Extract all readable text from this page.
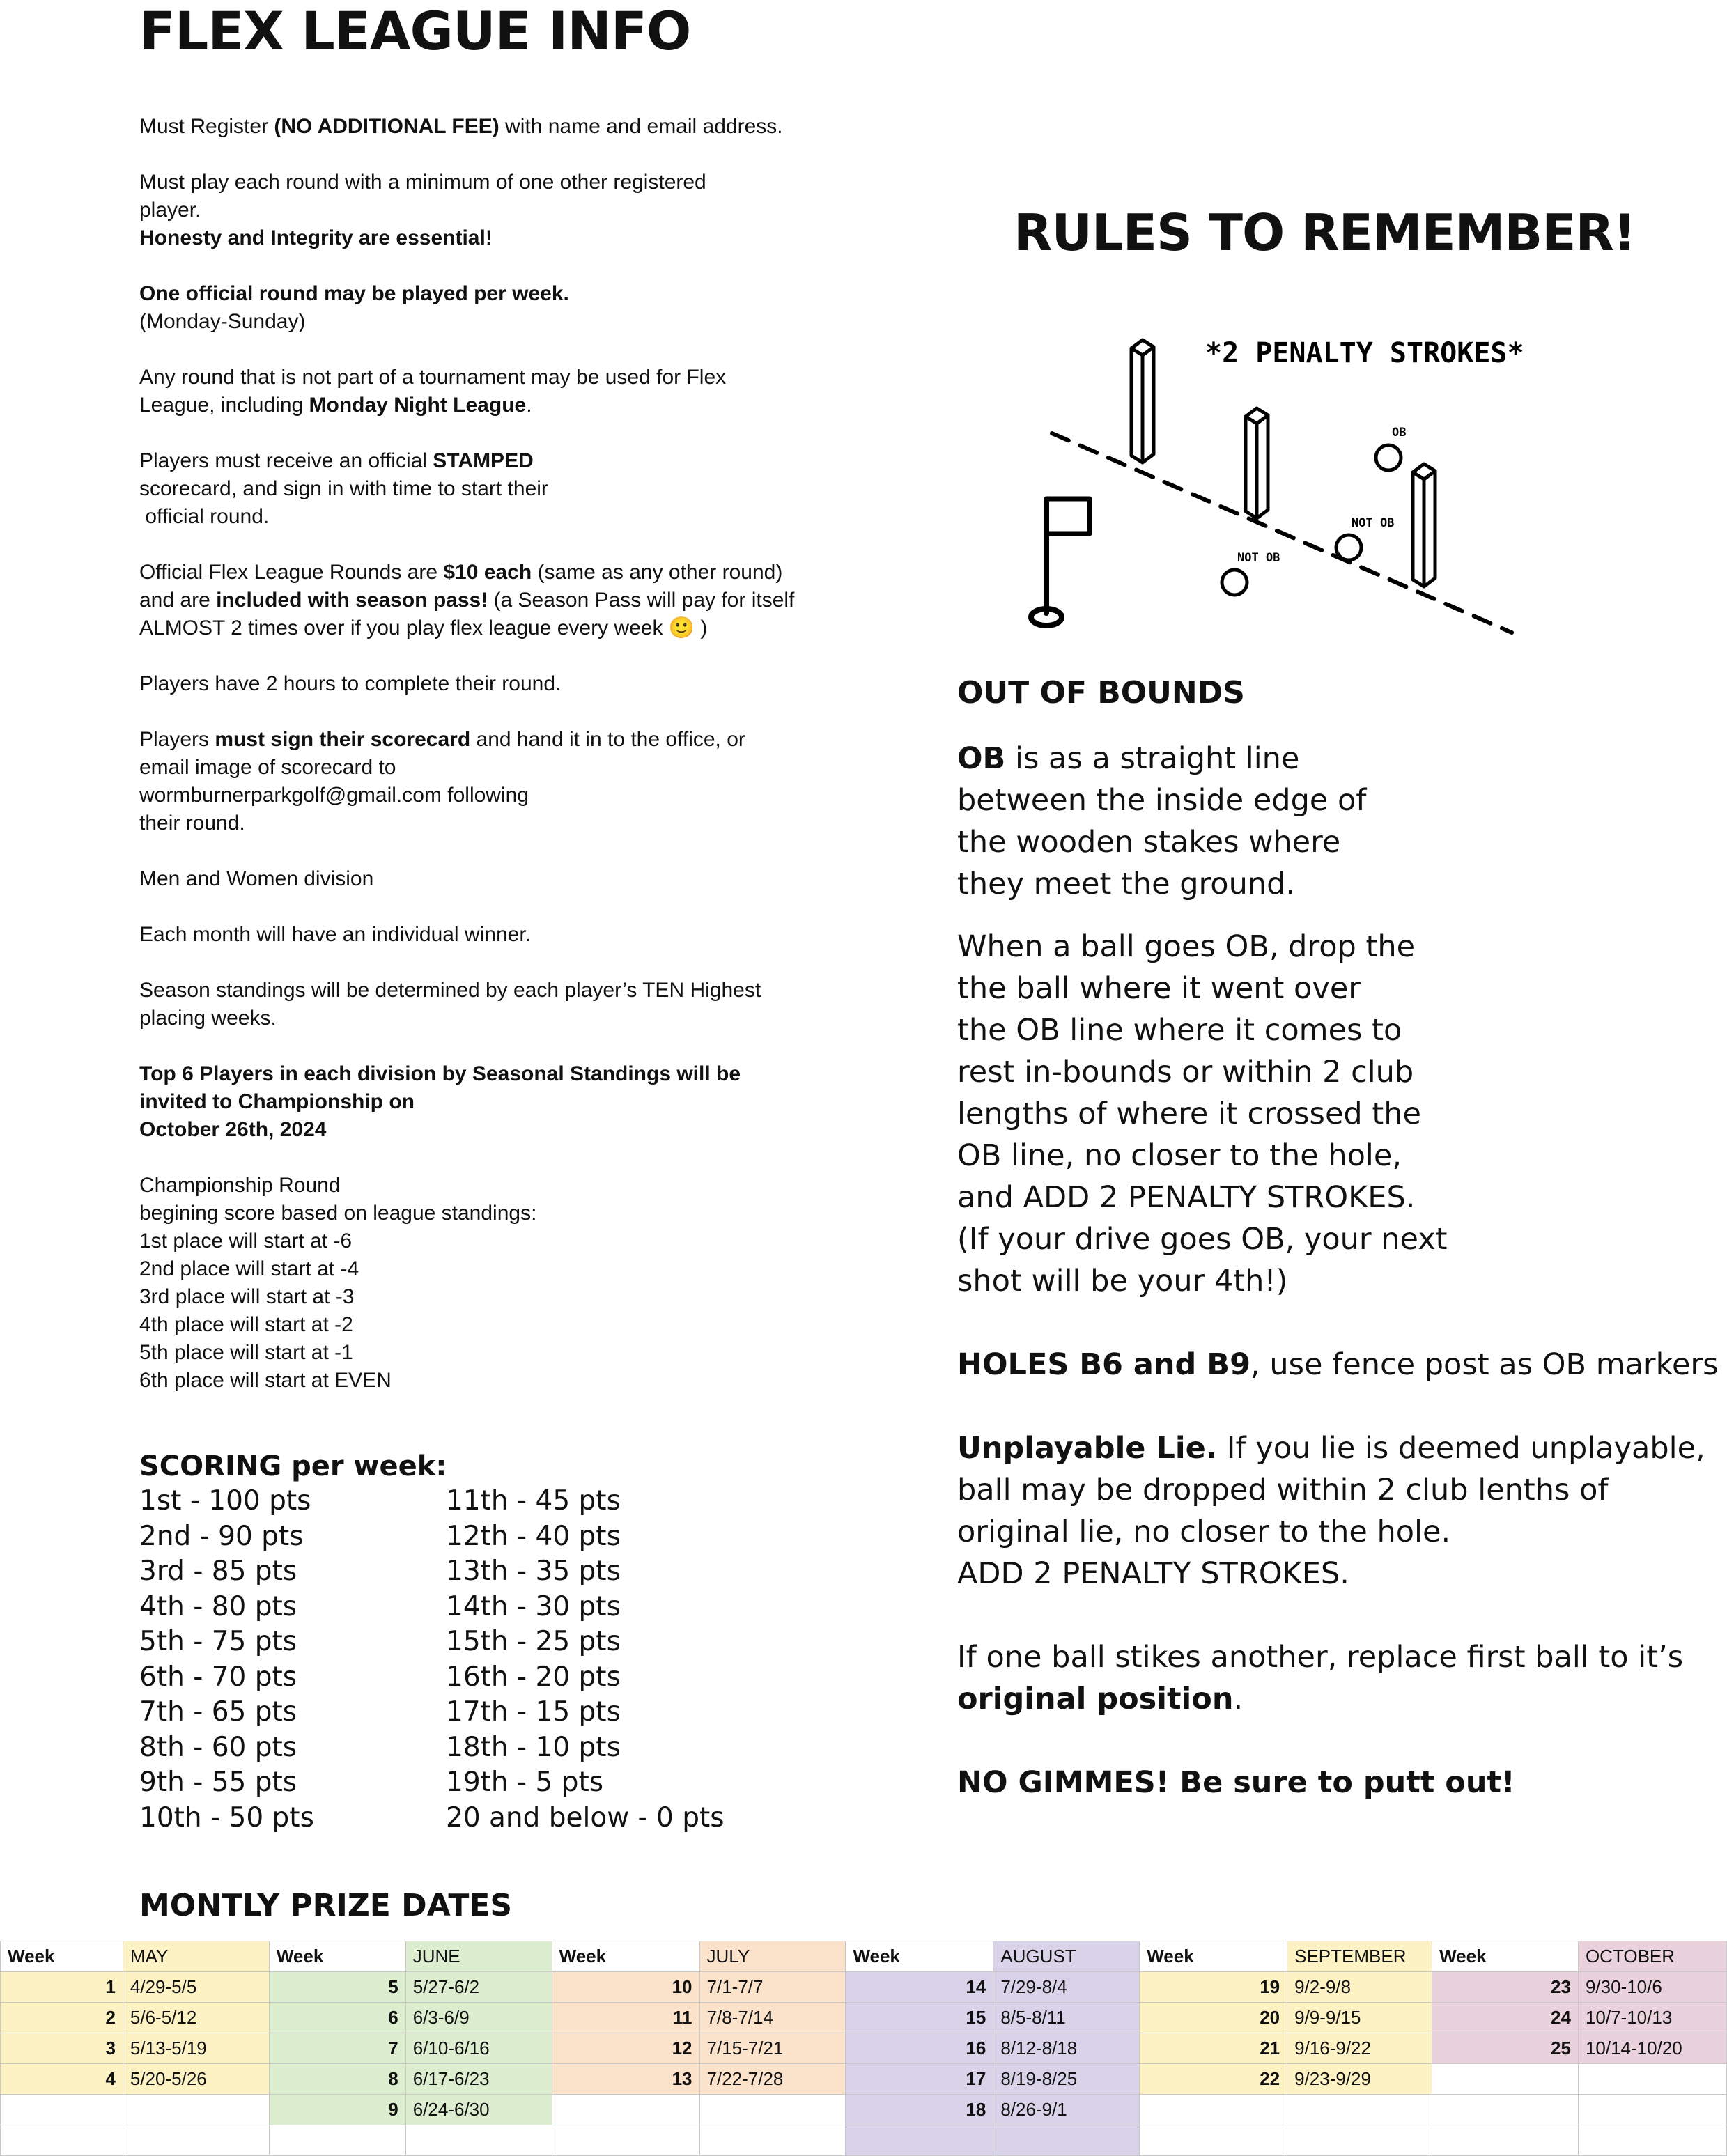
FLEX LEAGUE INFO

Must Register (NO ADDITIONAL FEE) with name and email address.

Must play each round with a minimum of one other registered
player.
Honesty and Integrity are essential!

One official round may be played per week.
(Monday-Sunday)

Any round that is not part of a tournament may be used for Flex
League, including Monday Night League.

Players must receive an official STAMPED
scorecard, and sign in with time to start their
official round.

Official Flex League Rounds are $10 each (same as any other round)
and are included with season pass! (a Season Pass will pay for itself
ALMOST 2 times over if you play flex league every week 🙂 )

Players have 2 hours to complete their round.

Players must sign their scorecard and hand it in to the office, or
email image of scorecard to
wormburnerparkgolf@gmail.com following
their round.

Men and Women division

Each month will have an individual winner.

Season standings will be determined by each player’s TEN Highest
placing weeks.

Top 6 Players in each division by Seasonal Standings will be
invited to Championship on
October 26th, 2024

Championship Round
begining score based on league standings:
1st place will start at -6
2nd place will start at -4
3rd place will start at -3
4th place will start at -2
5th place will start at -1
6th place will start at EVEN

SCORING per week:
1st - 100 pts	11th - 45 pts
2nd - 90 pts	12th - 40 pts
3rd - 85 pts	13th - 35 pts
4th - 80 pts	14th - 30 pts
5th - 75 pts	15th - 25 pts
6th - 70 pts	16th - 20 pts
7th - 65 pts	17th - 15 pts
8th - 60 pts	18th - 10 pts
9th - 55 pts	19th - 5 pts
10th - 50 pts	20 and below - 0 pts
RULES TO REMEMBER!
*2 PENALTY STROKES*
OB
NOT OB
NOT OB
OUT OF BOUNDS

OB is as a straight line
between the inside edge of
the wooden stakes where
they meet the ground.

When a ball goes OB, drop the
the ball where it went over
the OB line where it comes to
rest in-bounds or within 2 club
lengths of where it crossed the
OB line, no closer to the hole,
and ADD 2 PENALTY STROKES.
(If your drive goes OB, your next
shot will be your 4th!)

HOLES B6 and B9, use fence post as OB markers

Unplayable Lie. If you lie is deemed unplayable,
ball may be dropped within 2 club lenths of
original lie, no closer to the hole.
ADD 2 PENALTY STROKES.

If one ball stikes another, replace first ball to it’s
original position.

NO GIMMES! Be sure to putt out!

MONTLY PRIZE DATES
Week	MAY	Week	JUNE	Week	JULY	Week	AUGUST	Week	SEPTEMBER	Week	OCTOBER
1	4/29-5/5	5	5/27-6/2	10	7/1-7/7	14	7/29-8/4	19	9/2-9/8	23	9/30-10/6
2	5/6-5/12	6	6/3-6/9	11	7/8-7/14	15	8/5-8/11	20	9/9-9/15	24	10/7-10/13
3	5/13-5/19	7	6/10-6/16	12	7/15-7/21	16	8/12-8/18	21	9/16-9/22	25	10/14-10/20
4	5/20-5/26	8	6/17-6/23	13	7/22-7/28	17	8/19-8/25	22	9/23-9/29		
		9	6/24-6/30			18	8/26-9/1				
